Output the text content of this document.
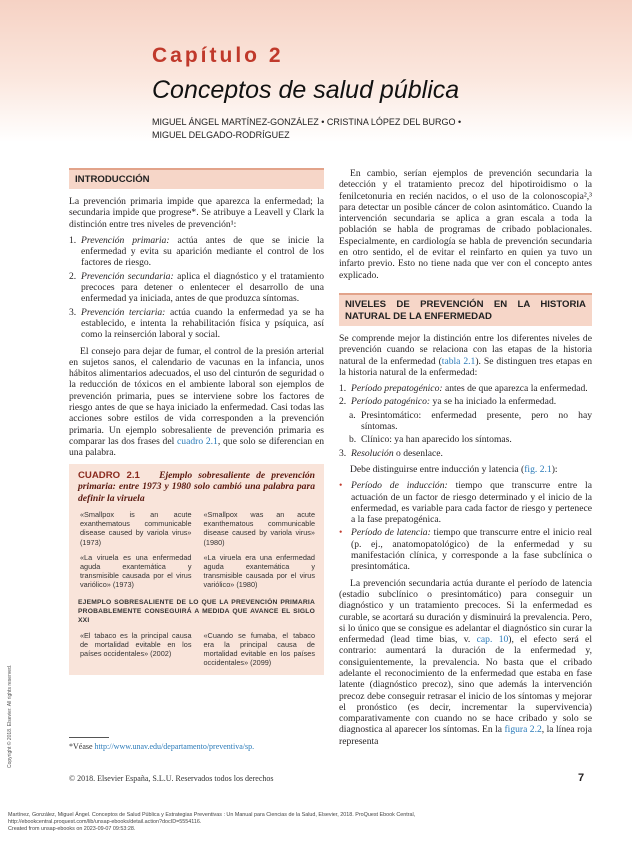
Capítulo 2
Conceptos de salud pública
MIGUEL ÁNGEL MARTÍNEZ-GONZÁLEZ • CRISTINA LÓPEZ DEL BURGO •
MIGUEL DELGADO-RODRÍGUEZ
INTRODUCCIÓN

La prevención primaria impide que aparezca la enfermedad; la secundaria impide que progrese*. Se atribuye a Leavell y Clark la distinción entre tres niveles de prevención¹:

1. Prevención primaria: actúa antes de que se inicie la enfermedad y evita su aparición mediante el control de los factores de riesgo.
2. Prevención secundaria: aplica el diagnóstico y el tratamiento precoces para detener o enlentecer el desarrollo de una enfermedad ya iniciada, antes de que produzca síntomas.
3. Prevención terciaria: actúa cuando la enfermedad ya se ha establecido, e intenta la rehabilitación física y psíquica, así como la reinserción laboral y social.

El consejo para dejar de fumar, el control de la presión arterial en sujetos sanos, el calendario de vacunas en la infancia, unos hábitos alimentarios adecuados, el uso del cinturón de seguridad o la reducción de tóxicos en el ambiente laboral son ejemplos de prevención primaria, pues se interviene sobre los factores de riesgo antes de que se haya iniciado la enfermedad. Casi todas las acciones sobre estilos de vida corresponden a la prevención primaria. Un ejemplo sobresaliente de prevención primaria es comparar las dos frases del cuadro 2.1, que solo se diferencian en una palabra.

CUADRO 2.1 Ejemplo sobresaliente de prevención primaria: entre 1973 y 1980 solo cambió una palabra para definir la viruela
«Smallpox is an acute exanthematous communicable disease caused by variola virus» (1973)
«Smallpox was an acute exanthematous communicable disease caused by variola virus» (1980)
«La viruela es una enfermedad aguda exantemática y transmisible causada por el virus variólico» (1973)
«La viruela era una enfermedad aguda exantemática y transmisible causada por el virus variólico» (1980)
EJEMPLO SOBRESALIENTE DE LO QUE LA PREVENCIÓN PRIMARIA PROBABLEMENTE CONSEGUIRÁ A MEDIDA QUE AVANCE EL SIGLO XXI
«El tabaco es la principal causa de mortalidad evitable en los países occidentales» (2002)
«Cuando se fumaba, el tabaco era la principal causa de mortalidad evitable en los países occidentales» (2099)

En cambio, serían ejemplos de prevención secundaria la detección y el tratamiento precoz del hipotiroidismo o la fenilcetonuria en recién nacidos, o el uso de la colonoscopia²,³ para detectar un posible cáncer de colon asintomático. Cuando la intervención secundaria se aplica a gran escala a toda la población se habla de programas de cribado poblacionales. Especialmente, en cardiología se habla de prevención secundaria en otro sentido, el de evitar el reinfarto en quien ya tuvo un infarto previo. Esto no tiene nada que ver con el concepto antes explicado.

NIVELES DE PREVENCIÓN EN LA HISTORIA NATURAL DE LA ENFERMEDAD

Se comprende mejor la distinción entre los diferentes niveles de prevención cuando se relaciona con las etapas de la historia natural de la enfermedad (tabla 2.1). Se distinguen tres etapas en la historia natural de la enfermedad:

1. Período prepatogénico: antes de que aparezca la enfermedad.
2. Período patogénico: ya se ha iniciado la enfermedad.
a. Presintomático: enfermedad presente, pero no hay síntomas.
b. Clínico: ya han aparecido los síntomas.
3. Resolución o desenlace.

Debe distinguirse entre inducción y latencia (fig. 2.1):

• Período de inducción: tiempo que transcurre entre la actuación de un factor de riesgo determinado y el inicio de la enfermedad, es variable para cada factor de riesgo y pertenece a la fase prepatogénica.
• Período de latencia: tiempo que transcurre entre el inicio real (p. ej., anatomopatológico) de la enfermedad y su manifestación clínica, y corresponde a la fase subclínica o presintomática.

La prevención secundaria actúa durante el período de latencia (estadio subclínico o presintomático) para conseguir un diagnóstico y un tratamiento precoces. Si la enfermedad es curable, se acortará su duración y disminuirá la prevalencia. Pero, si lo único que se consigue es adelantar el diagnóstico sin curar la enfermedad (lead time bias, v. cap. 10), el efecto será el contrario: aumentará la duración de la enfermedad y, consiguientemente, la prevalencia. No basta que el cribado adelante el reconocimiento de la enfermedad que estaba en fase latente (diagnóstico precoz), sino que además la intervención precoz debe conseguir retrasar el inicio de los síntomas y mejorar el pronóstico (es decir, incrementar la supervivencia) comparativamente con cuando no se hace cribado y solo se diagnostica al aparecer los síntomas. En la figura 2.2, la línea roja representa

*Véase http://www.unav.edu/departamento/preventiva/sp.
© 2018. Elsevier España, S.L.U. Reservados todos los derechos	7
Copyright © 2018. Elsevier. All rights reserved.
Martínez, González, Miguel Ángel. Conceptos de Salud Pública y Estrategias Preventivas : Un Manual para Ciencias de la Salud, Elsevier, 2018. ProQuest Ebook Central,
http://ebookcentral.proquest.com/lib/unsap-ebooks/detail.action?docID=5554116.
Created from unsap-ebooks on 2023-09-07 09:53:28.
